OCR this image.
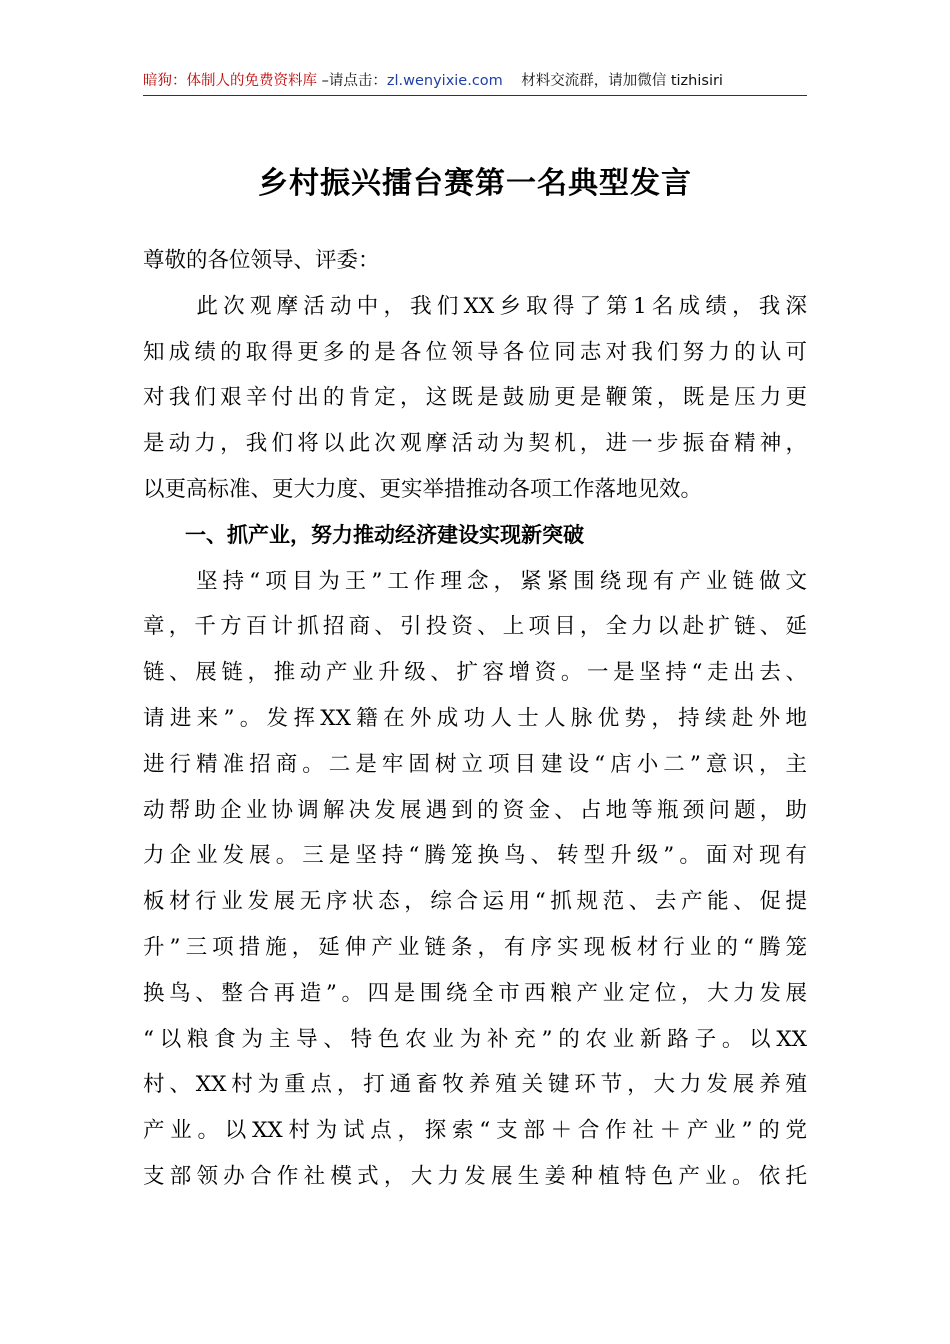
暗狗：体制人的免费资料库 –请点击：zl.wenyixie.com    材料交流群，请加微信 tizhisiri
乡村振兴擂台赛第一名典型发言
尊敬的各位领导、评委：
　　此次观摩活动中，我们XX乡取得了第1名成绩，我深
知成绩的取得更多的是各位领导各位同志对我们努力的认可
对我们艰辛付出的肯定，这既是鼓励更是鞭策，既是压力更
是动力，我们将以此次观摩活动为契机，进一步振奋精神，
以更高标准、更大力度、更实举措推动各项工作落地见效。
　　一、抓产业，努力推动经济建设实现新突破
　　坚持“项目为王”工作理念，紧紧围绕现有产业链做文
章，千方百计抓招商、引投资、上项目，全力以赴扩链、延
链、展链，推动产业升级、扩容增资。一是坚持“走出去、
请进来”。发挥XX籍在外成功人士人脉优势，持续赴外地
进行精准招商。二是牢固树立项目建设“店小二”意识，主
动帮助企业协调解决发展遇到的资金、占地等瓶颈问题，助
力企业发展。三是坚持“腾笼换鸟、转型升级”。面对现有
板材行业发展无序状态，综合运用“抓规范、去产能、促提
升”三项措施，延伸产业链条，有序实现板材行业的“腾笼
换鸟、整合再造”。四是围绕全市西粮产业定位，大力发展
“以粮食为主导、特色农业为补充”的农业新路子。以XX
村、XX村为重点，打通畜牧养殖关键环节，大力发展养殖
产业。以XX村为试点，探索“支部＋合作社＋产业”的党
支部领办合作社模式，大力发展生姜种植特色产业。依托
